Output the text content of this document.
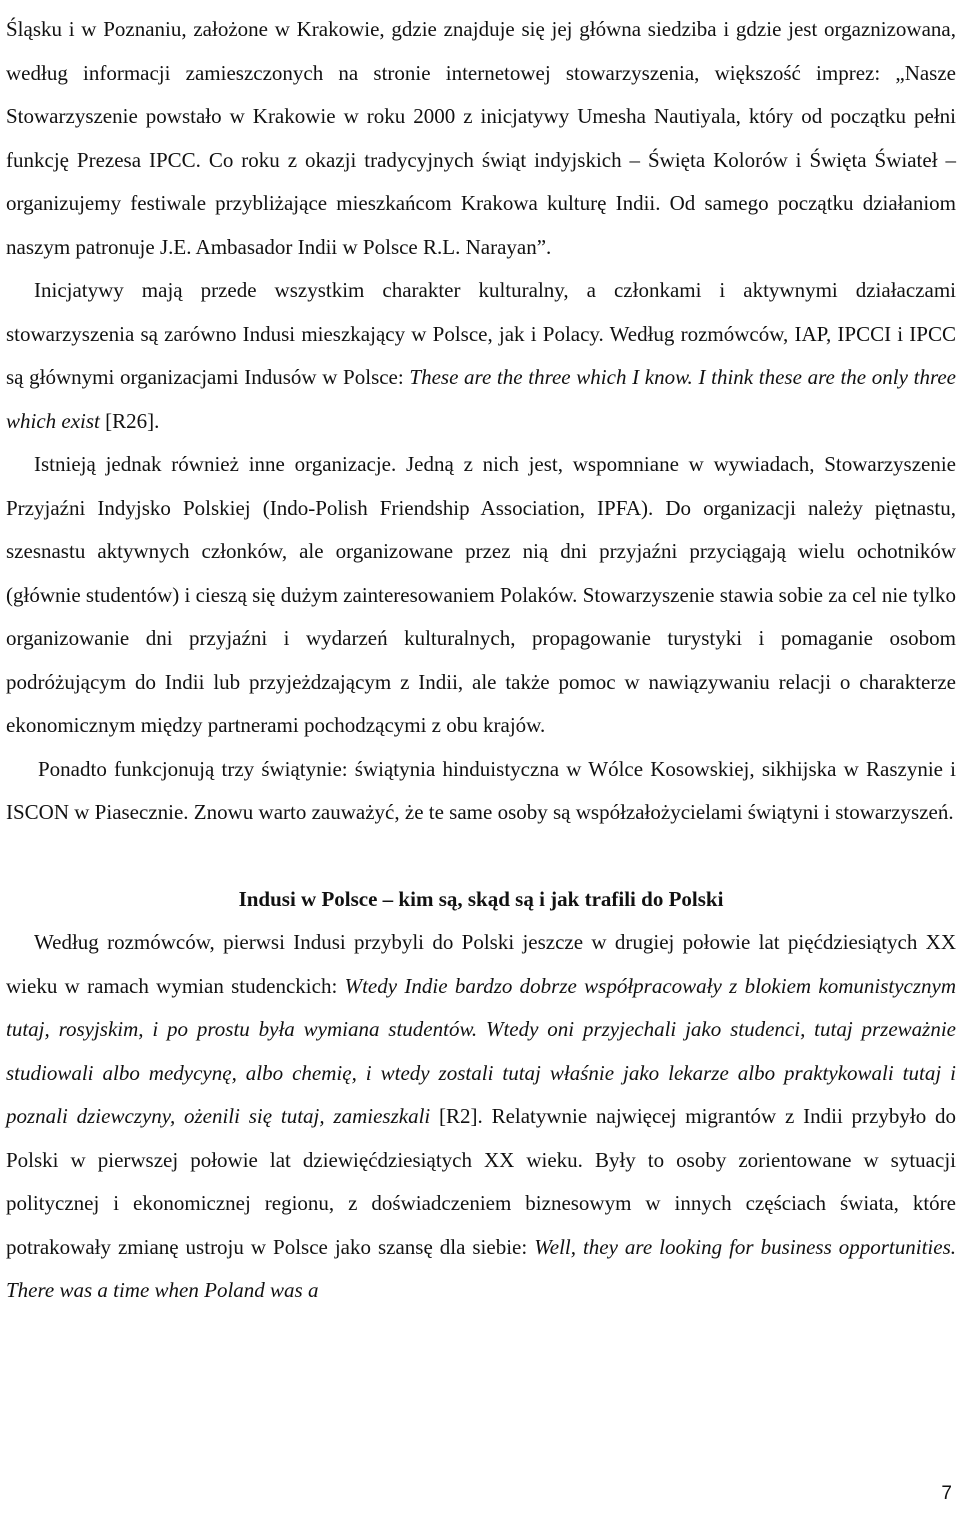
Śląsku i w Poznaniu, założone w Krakowie, gdzie znajduje się jej główna siedziba i gdzie jest orgaznizowana, według informacji zamieszczonych na stronie internetowej stowarzyszenia, większość imprez: „Nasze Stowarzyszenie powstało w Krakowie w roku 2000 z inicjatywy Umesha Nautiyala, który od początku pełni funkcję Prezesa IPCC. Co roku z okazji tradycyjnych świąt indyjskich – Święta Kolorów i Święta Świateł – organizujemy festiwale przybliżające mieszkańcom Krakowa kulturę Indii. Od samego początku działaniom naszym patronuje J.E. Ambasador Indii w Polsce R.L. Narayan”.

Inicjatywy mają przede wszystkim charakter kulturalny, a członkami i aktywnymi działaczami stowarzyszenia są zarówno Indusi mieszkający w Polsce, jak i Polacy. Według rozmówców, IAP, IPCCI i IPCC są głównymi organizacjami Indusów w Polsce: These are the three which I know. I think these are the only three which exist [R26].

Istnieją jednak również inne organizacje. Jedną z nich jest, wspomniane w wywiadach, Stowarzyszenie Przyjaźni Indyjsko Polskiej (Indo-Polish Friendship Association, IPFA). Do organizacji należy piętnastu, szesnastu aktywnych członków, ale organizowane przez nią dni przyjaźni przyciągają wielu ochotników (głównie studentów) i cieszą się dużym zainteresowaniem Polaków. Stowarzyszenie stawia sobie za cel nie tylko organizowanie dni przyjaźni i wydarzeń kulturalnych, propagowanie turystyki i pomaganie osobom podróżującym do Indii lub przyjeżdzającym z Indii, ale także pomoc w nawiązywaniu relacji o charakterze ekonomicznym między partnerami pochodzącymi z obu krajów.

Ponadto funkcjonują trzy świątynie: świątynia hinduistyczna w Wólce Kosowskiej, sikhijska w Raszynie i ISCON w Piasecznie. Znowu warto zauważyć, że te same osoby są współzałożycielami świątyni i stowarzyszeń.

Indusi w Polsce – kim są, skąd są i jak trafili do Polski

Według rozmówców, pierwsi Indusi przybyli do Polski jeszcze w drugiej połowie lat pięćdziesiątych XX wieku w ramach wymian studenckich: Wtedy Indie bardzo dobrze współpracowały z blokiem komunistycznym tutaj, rosyjskim, i po prostu była wymiana studentów. Wtedy oni przyjechali jako studenci, tutaj przeważnie studiowali albo medycynę, albo chemię, i wtedy zostali tutaj właśnie jako lekarze albo praktykowali tutaj i poznali dziewczyny, ożenili się tutaj, zamieszkali [R2]. Relatywnie najwięcej migrantów z Indii przybyło do Polski w pierwszej połowie lat dziewięćdziesiątych XX wieku. Były to osoby zorientowane w sytuacji politycznej i ekonomicznej regionu, z doświadczeniem biznesowym w innych częściach świata, które potrakowały zmianę ustroju w Polsce jako szansę dla siebie: Well, they are looking for business opportunities. There was a time when Poland was a

7
